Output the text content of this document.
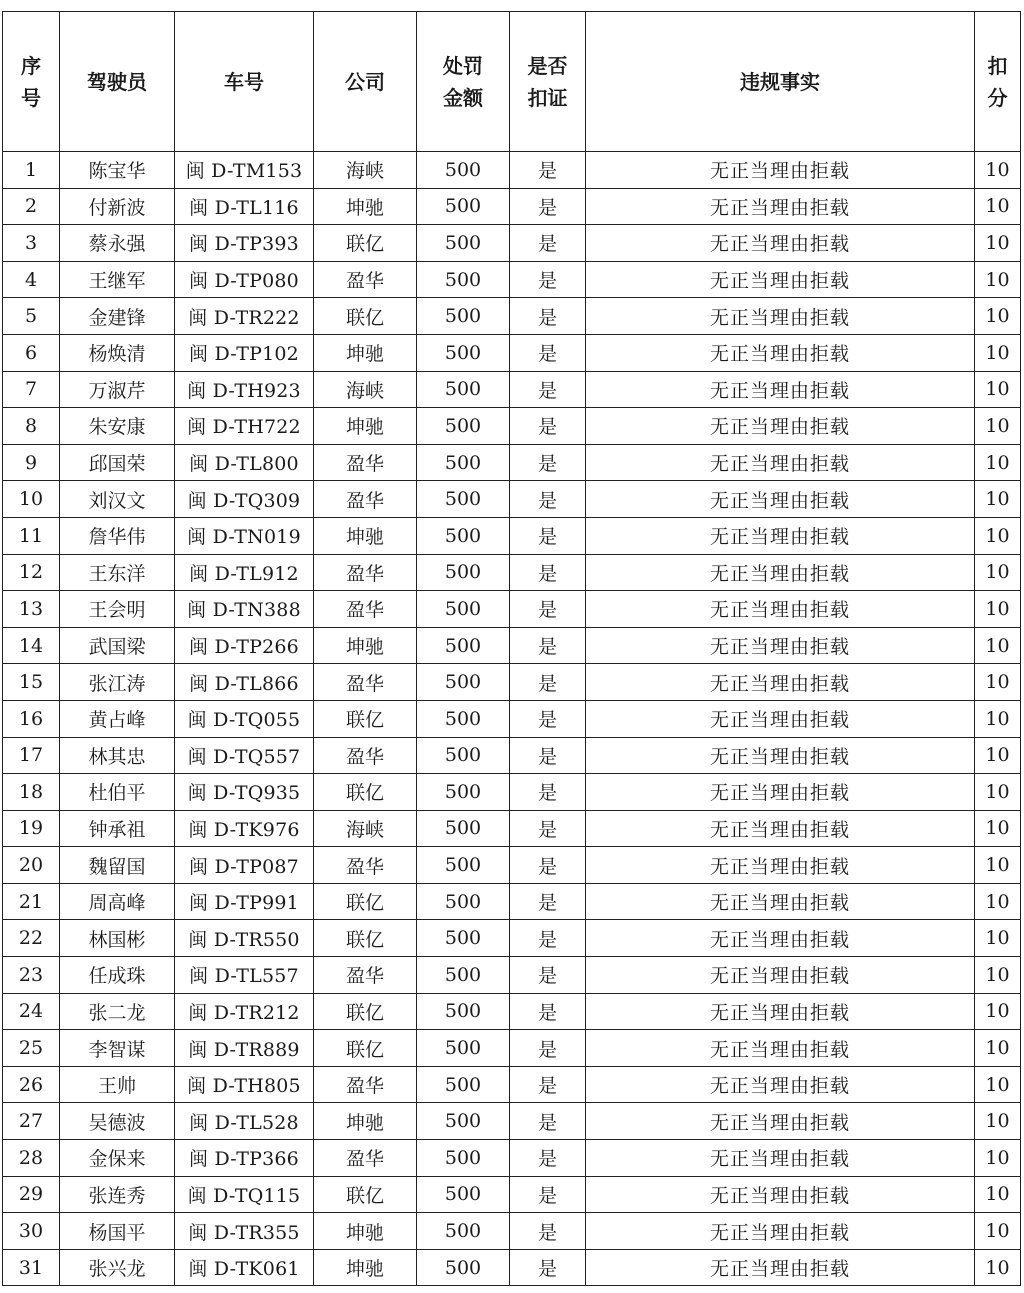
序号	驾驶员	车号	公司	处罚金额	是否扣证	违规事实	扣分
1	陈宝华	闽 D-TM153	海峡	500	是	无正当理由拒载	10
2	付新波	闽 D-TL116	坤驰	500	是	无正当理由拒载	10
3	蔡永强	闽 D-TP393	联亿	500	是	无正当理由拒载	10
4	王继军	闽 D-TP080	盈华	500	是	无正当理由拒载	10
5	金建锋	闽 D-TR222	联亿	500	是	无正当理由拒载	10
6	杨焕清	闽 D-TP102	坤驰	500	是	无正当理由拒载	10
7	万淑芹	闽 D-TH923	海峡	500	是	无正当理由拒载	10
8	朱安康	闽 D-TH722	坤驰	500	是	无正当理由拒载	10
9	邱国荣	闽 D-TL800	盈华	500	是	无正当理由拒载	10
10	刘汉文	闽 D-TQ309	盈华	500	是	无正当理由拒载	10
11	詹华伟	闽 D-TN019	坤驰	500	是	无正当理由拒载	10
12	王东洋	闽 D-TL912	盈华	500	是	无正当理由拒载	10
13	王会明	闽 D-TN388	盈华	500	是	无正当理由拒载	10
14	武国梁	闽 D-TP266	坤驰	500	是	无正当理由拒载	10
15	张江涛	闽 D-TL866	盈华	500	是	无正当理由拒载	10
16	黄占峰	闽 D-TQ055	联亿	500	是	无正当理由拒载	10
17	林其忠	闽 D-TQ557	盈华	500	是	无正当理由拒载	10
18	杜伯平	闽 D-TQ935	联亿	500	是	无正当理由拒载	10
19	钟承祖	闽 D-TK976	海峡	500	是	无正当理由拒载	10
20	魏留国	闽 D-TP087	盈华	500	是	无正当理由拒载	10
21	周高峰	闽 D-TP991	联亿	500	是	无正当理由拒载	10
22	林国彬	闽 D-TR550	联亿	500	是	无正当理由拒载	10
23	任成珠	闽 D-TL557	盈华	500	是	无正当理由拒载	10
24	张二龙	闽 D-TR212	联亿	500	是	无正当理由拒载	10
25	李智谋	闽 D-TR889	联亿	500	是	无正当理由拒载	10
26	王帅	闽 D-TH805	盈华	500	是	无正当理由拒载	10
27	吴德波	闽 D-TL528	坤驰	500	是	无正当理由拒载	10
28	金保来	闽 D-TP366	盈华	500	是	无正当理由拒载	10
29	张连秀	闽 D-TQ115	联亿	500	是	无正当理由拒载	10
30	杨国平	闽 D-TR355	坤驰	500	是	无正当理由拒载	10
31	张兴龙	闽 D-TK061	坤驰	500	是	无正当理由拒载	10
